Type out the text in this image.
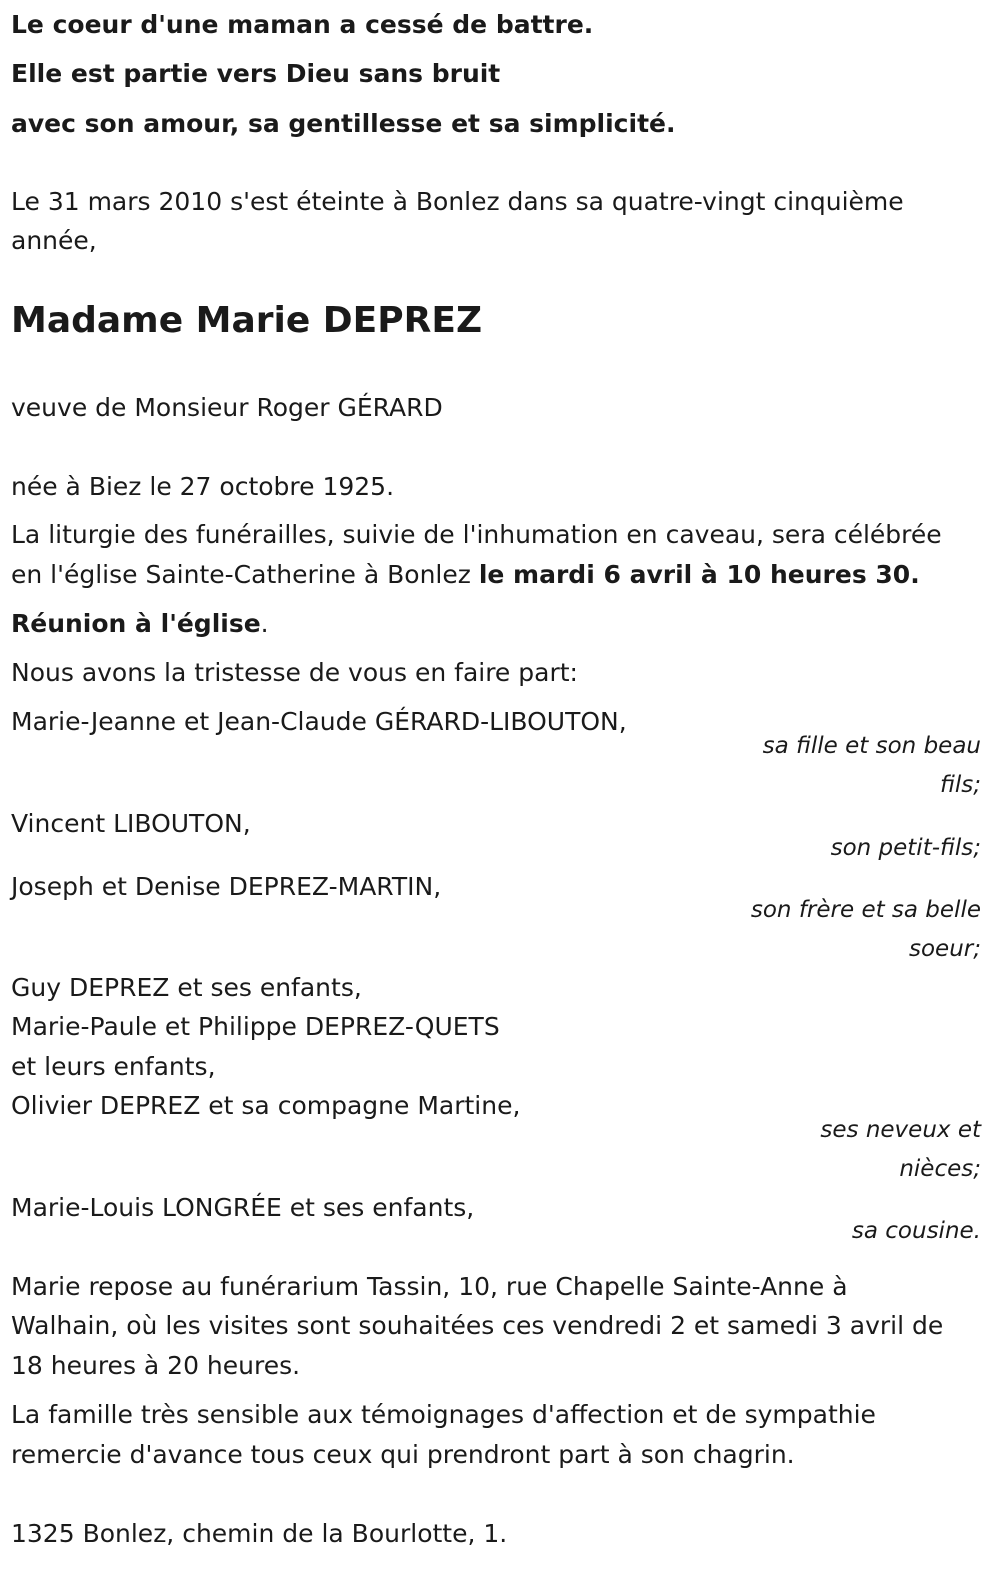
Le coeur d'une maman a cessé de battre.
Elle est partie vers Dieu sans bruit
avec son amour, sa gentillesse et sa simplicité.
Le 31 mars 2010 s'est éteinte à Bonlez dans sa quatre-vingt cinquième
année,
Madame Marie DEPREZ
veuve de Monsieur Roger GÉRARD
née à Biez le 27 octobre 1925.
La liturgie des funérailles, suivie de l'inhumation en caveau, sera célébrée
en l'église Sainte-Catherine à Bonlez le mardi 6 avril à 10 heures 30.
Réunion à l'église.
Nous avons la tristesse de vous en faire part:
Marie-Jeanne et Jean-Claude GÉRARD-LIBOUTON,
sa fille et son beau
fils;
Vincent LIBOUTON,
son petit-fils;
Joseph et Denise DEPREZ-MARTIN,
son frère et sa belle
soeur;
Guy DEPREZ et ses enfants,
Marie-Paule et Philippe DEPREZ-QUETS
et leurs enfants,
Olivier DEPREZ et sa compagne Martine,
ses neveux et
nièces;
Marie-Louis LONGRÉE et ses enfants,
sa cousine.
Marie repose au funérarium Tassin, 10, rue Chapelle Sainte-Anne à
Walhain, où les visites sont souhaitées ces vendredi 2 et samedi 3 avril de
18 heures à 20 heures.
La famille très sensible aux témoignages d'affection et de sympathie
remercie d'avance tous ceux qui prendront part à son chagrin.
1325 Bonlez, chemin de la Bourlotte, 1.
